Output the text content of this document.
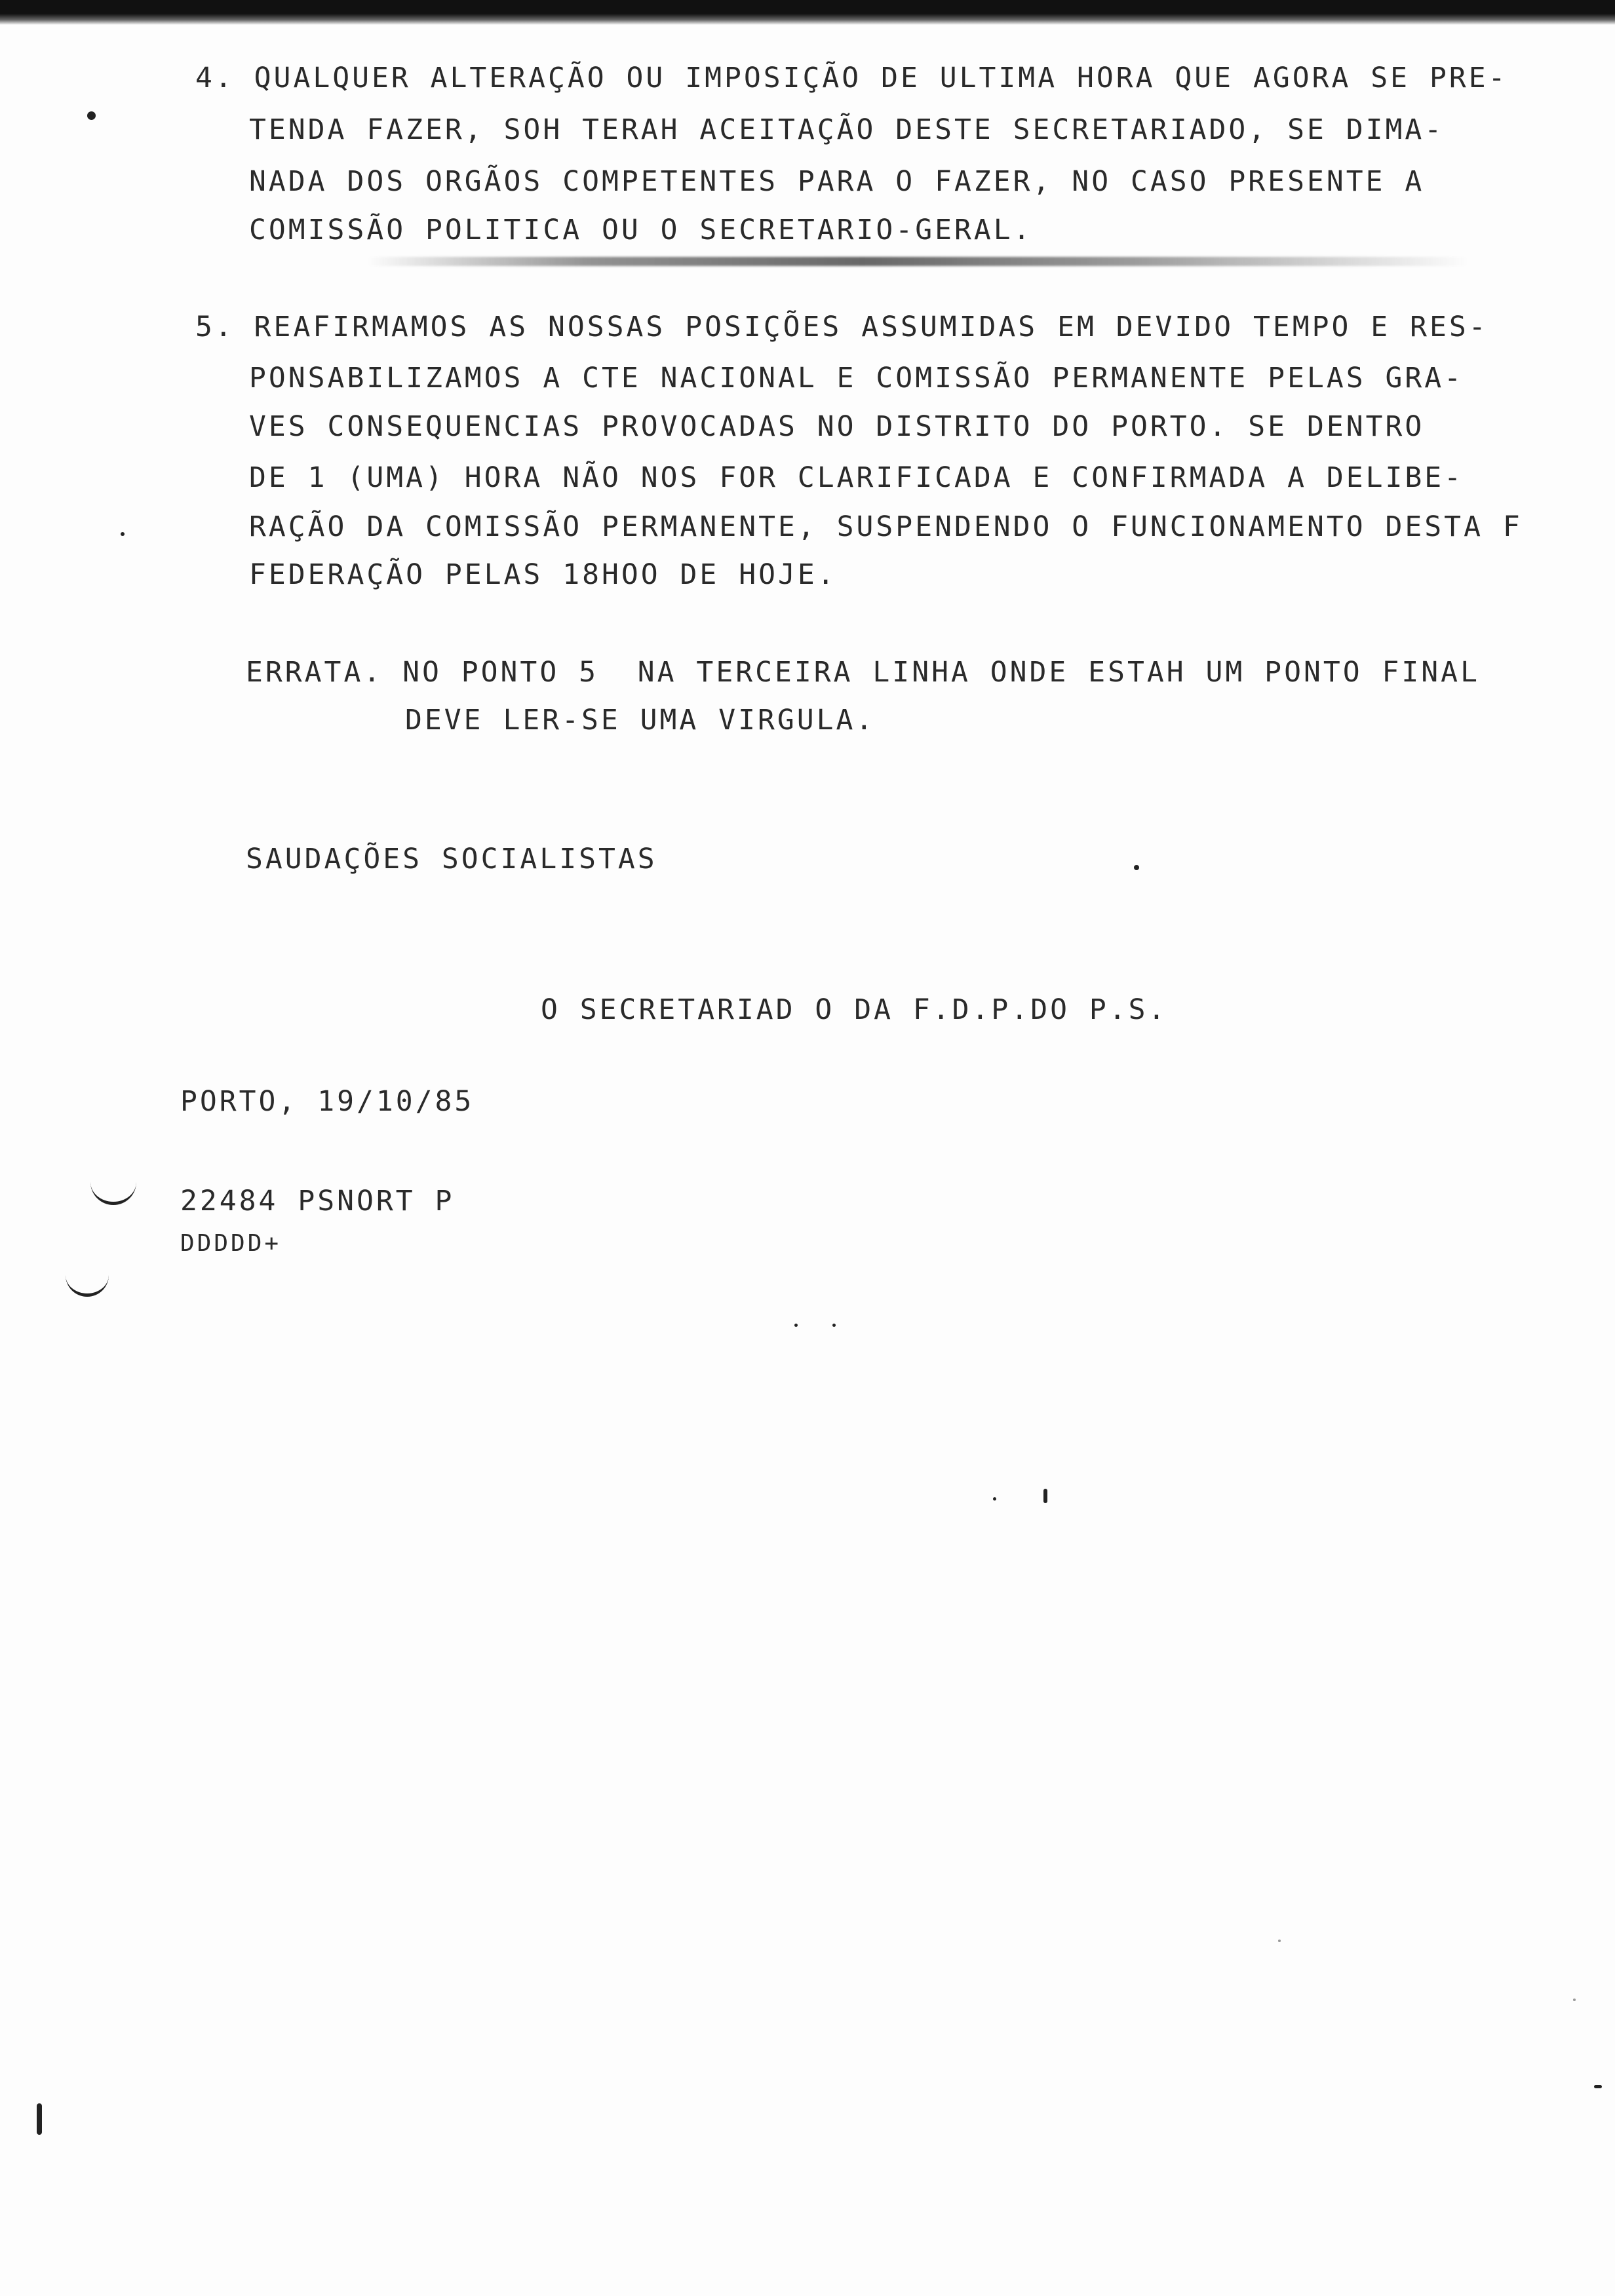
4. QUALQUER ALTERAÇÃO OU IMPOSIÇÃO DE ULTIMA HORA QUE AGORA SE PRE-
TENDA FAZER, SOH TERAH ACEITAÇÃO DESTE SECRETARIADO, SE DIMA-
NADA DOS ORGÃOS COMPETENTES PARA O FAZER, NO CASO PRESENTE A
COMISSÃO POLITICA OU O SECRETARIO-GERAL.
5. REAFIRMAMOS AS NOSSAS POSIÇÕES ASSUMIDAS EM DEVIDO TEMPO E RES-
PONSABILIZAMOS A CTE NACIONAL E COMISSÃO PERMANENTE PELAS GRA-
VES CONSEQUENCIAS PROVOCADAS NO DISTRITO DO PORTO. SE DENTRO
DE 1 (UMA) HORA NÃO NOS FOR CLARIFICADA E CONFIRMADA A DELIBE-
RAÇÃO DA COMISSÃO PERMANENTE, SUSPENDENDO O FUNCIONAMENTO DESTA F
FEDERAÇÃO PELAS 18HOO DE HOJE.
ERRATA. NO PONTO 5  NA TERCEIRA LINHA ONDE ESTAH UM PONTO FINAL
DEVE LER-SE UMA VIRGULA.
SAUDAÇÕES SOCIALISTAS
O SECRETARIAD O DA F.D.P.DO P.S.
PORTO, 19/10/85
22484 PSNORT P
DDDDD+
